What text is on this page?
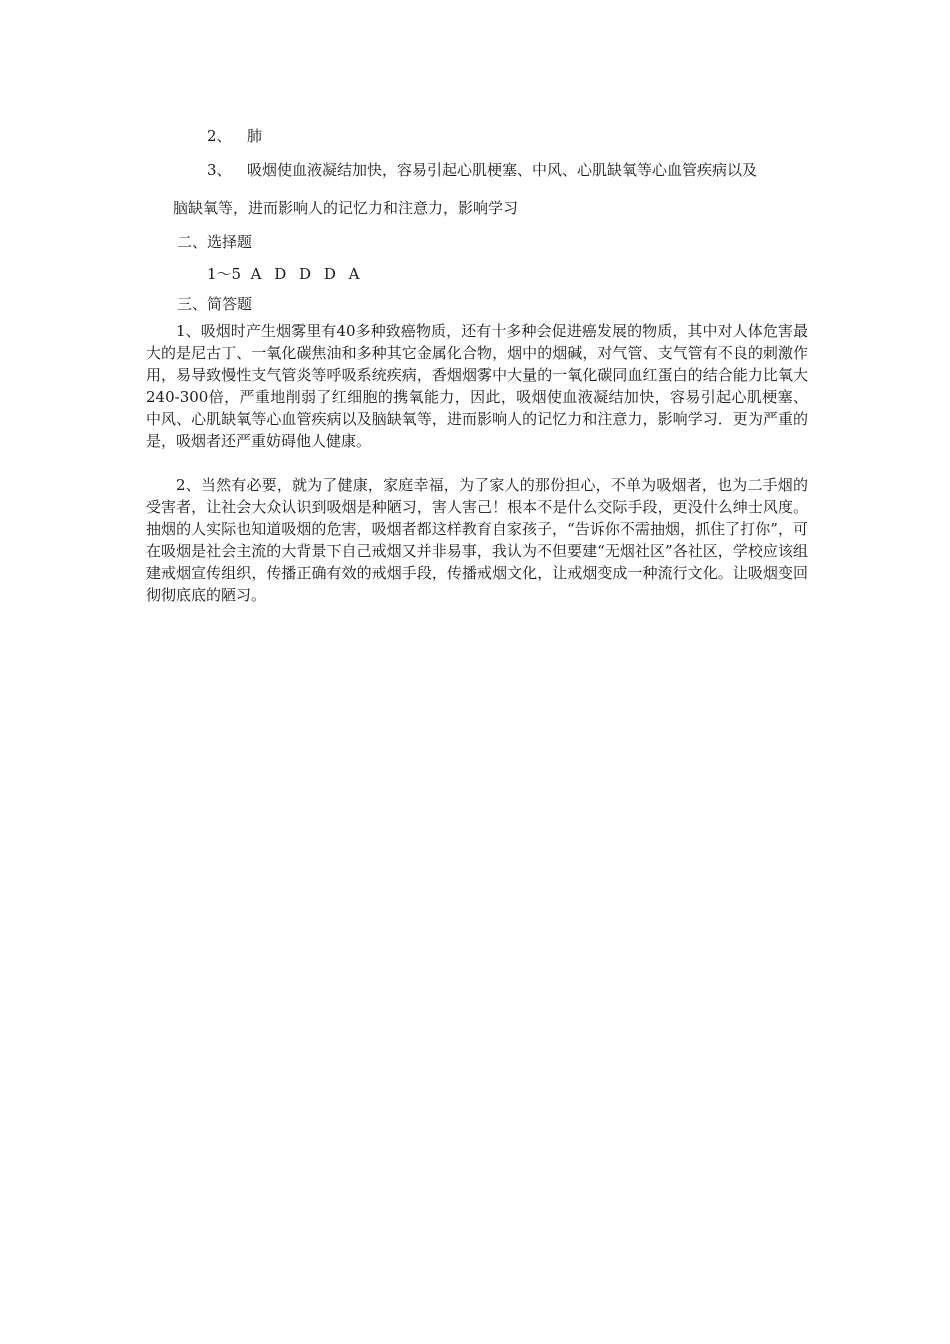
2、 肺
3、 吸烟使血液凝结加快，容易引起心肌梗塞、中风、心肌缺氧等心血管疾病以及
脑缺氧等，进而影响人的记忆力和注意力，影响学习
二、选择题
1～5 A D D D A
三、简答题
1、吸烟时产生烟雾里有40多种致癌物质，还有十多种会促进癌发展的物质，其中对人体危害最大的是尼古丁、一氧化碳焦油和多种其它金属化合物，烟中的烟碱，对气管、支气管有不良的刺激作用，易导致慢性支气管炎等呼吸系统疾病，香烟烟雾中大量的一氧化碳同血红蛋白的结合能力比氧大240-300倍，严重地削弱了红细胞的携氧能力，因此，吸烟使血液凝结加快，容易引起心肌梗塞、中风、心肌缺氧等心血管疾病以及脑缺氧等，进而影响人的记忆力和注意力，影响学习．更为严重的是，吸烟者还严重妨碍他人健康。
2、当然有必要，就为了健康，家庭幸福，为了家人的那份担心，不单为吸烟者，也为二手烟的受害者，让社会大众认识到吸烟是种陋习，害人害己！根本不是什么交际手段，更没什么绅士风度。抽烟的人实际也知道吸烟的危害，吸烟者都这样教育自家孩子，“告诉你不需抽烟，抓住了打你”，可在吸烟是社会主流的大背景下自己戒烟又并非易事，我认为不但要建“无烟社区”各社区，学校应该组建戒烟宣传组织，传播正确有效的戒烟手段，传播戒烟文化，让戒烟变成一种流行文化。让吸烟变回彻彻底底的陋习。
